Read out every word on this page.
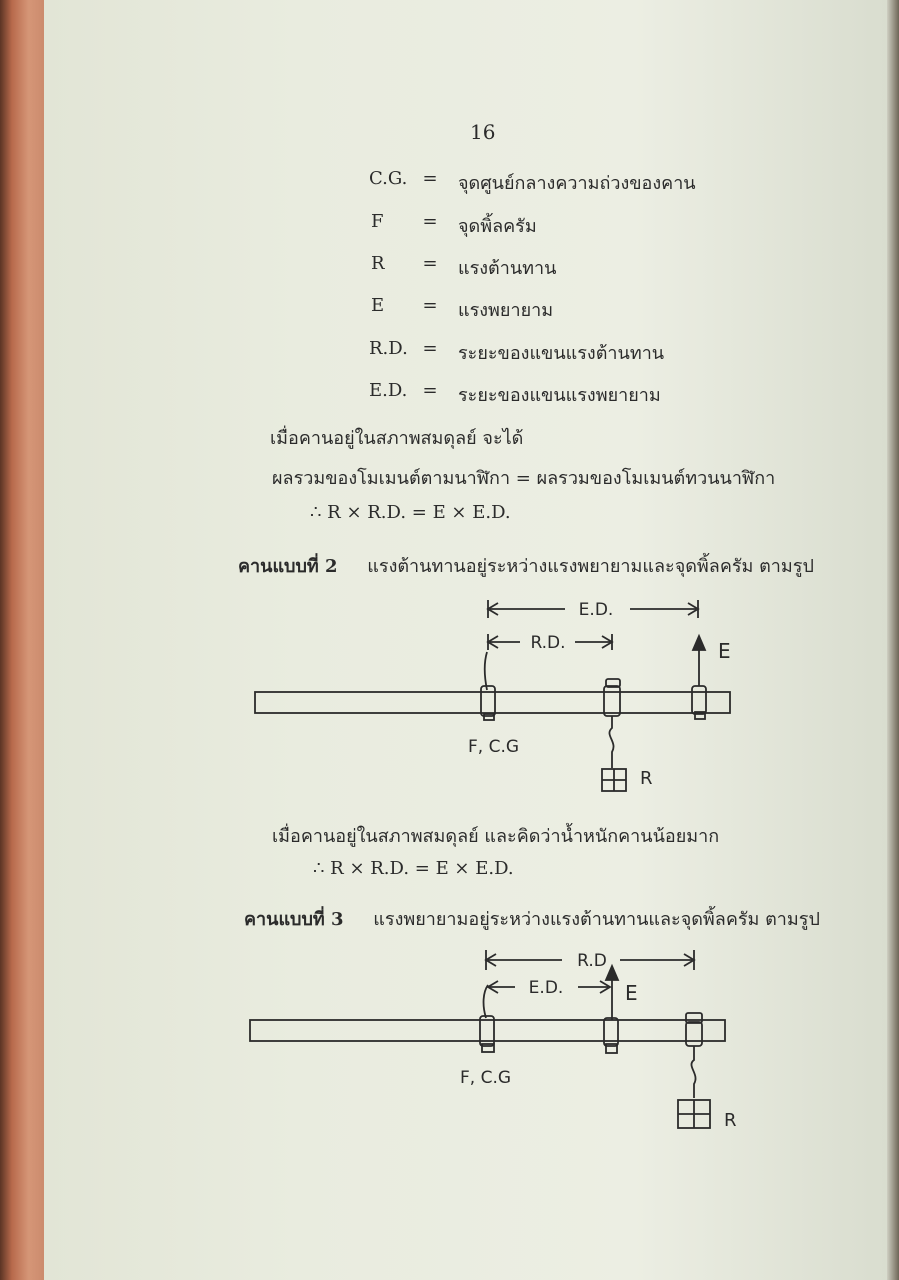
16
C.G. =	จุดศูนย์กลางความถ่วงของคาน
F	=	จุดพิ้ลครัม
R	=	แรงต้านทาน
E	=	แรงพยายาม
R.D. =	ระยะของแขนแรงต้านทาน
E.D. =	ระยะของแขนแรงพยายาม
เมื่อคานอยู่ในสภาพสมดุลย์ จะได้
ผลรวมของโมเมนต์ตามนาฬิกา = ผลรวมของโมเมนต์ทวนนาฬิกา
∴ R × R.D. = E × E.D.
คานแบบที่ 2 แรงต้านทานอยู่ระหว่างแรงพยายามและจุดพิ้ลครัม ตามรูป
E.D.
R.D.	E
F, C.G
R
เมื่อคานอยู่ในสภาพสมดุลย์ และคิดว่าน้ำหนักคานน้อยมาก
∴ R × R.D. = E × E.D.
คานแบบที่ 3 แรงพยายามอยู่ระหว่างแรงต้านทานและจุดพิ้ลครัม ตามรูป
R.D
E.D.	E
F, C.G
R
